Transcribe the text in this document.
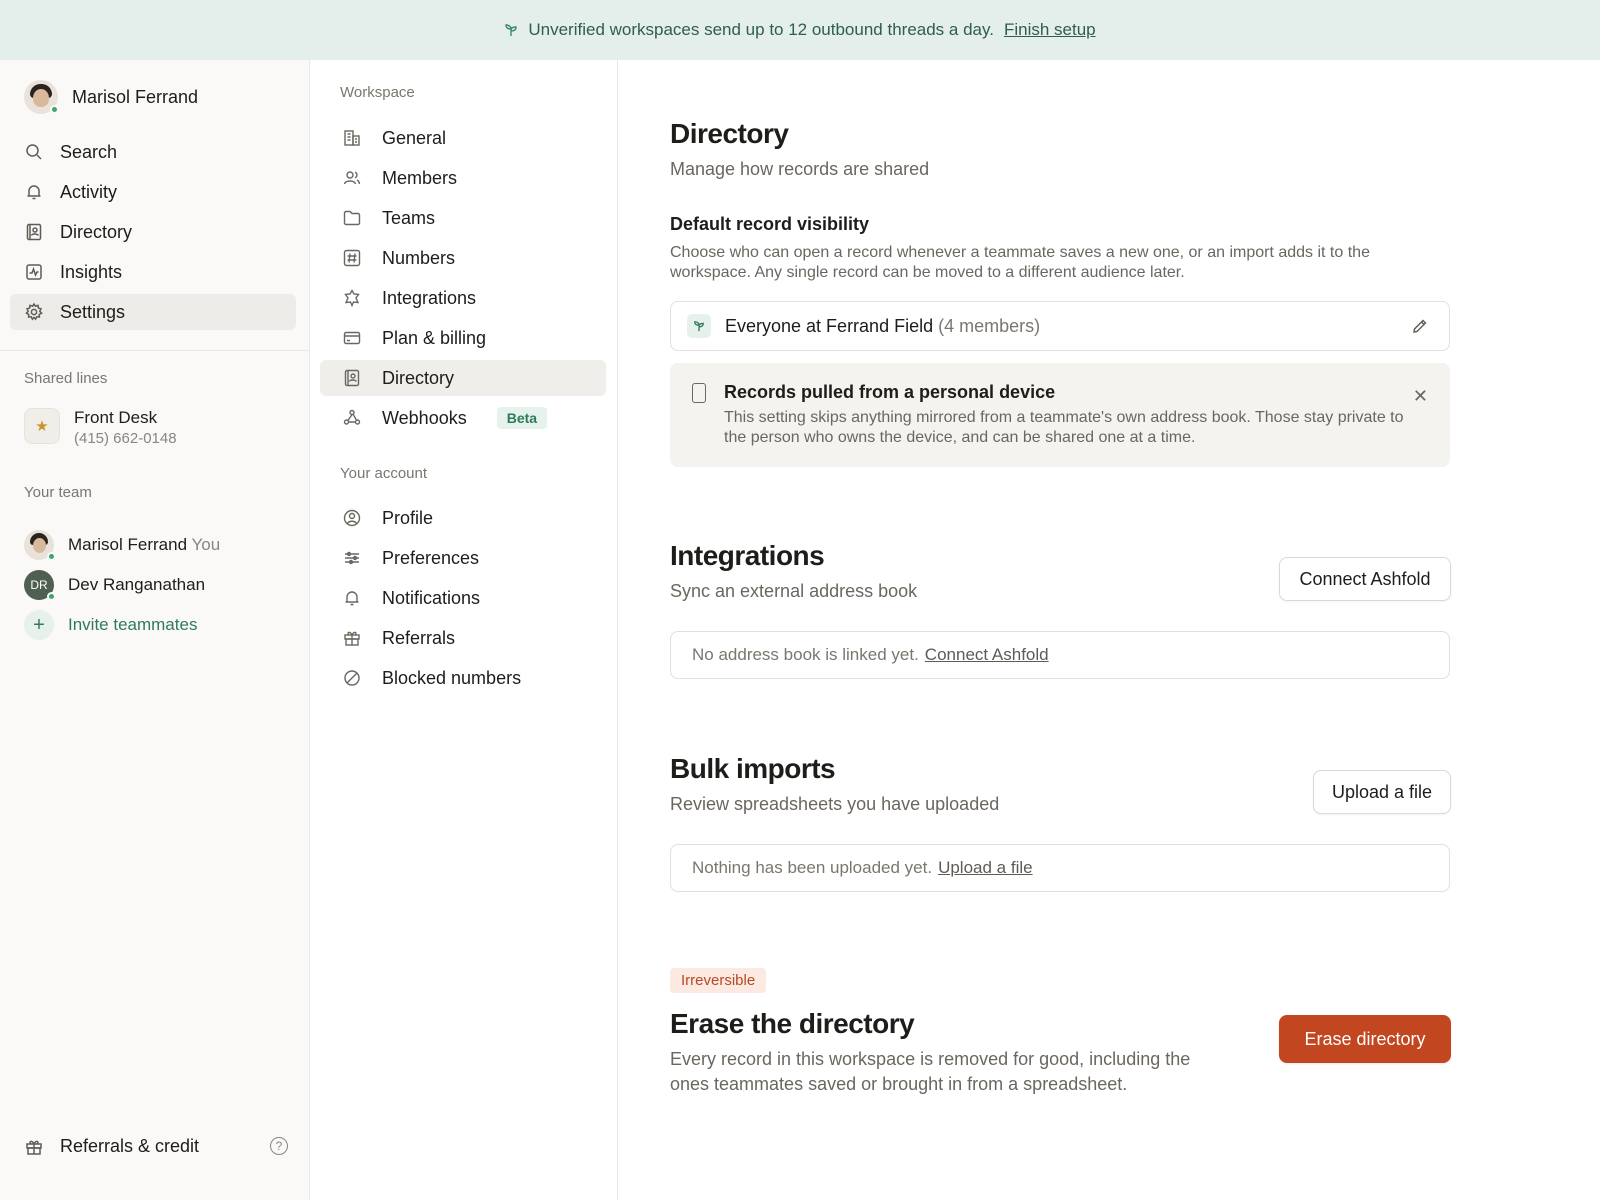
Unverified workspaces send up to 12 outbound threads a day. Finish setup
Marisol Ferrand
Search
Activity
Directory
Insights
Settings
Shared lines
★	Front Desk
(415) 662-0148
Your team
Marisol Ferrand You
DR Dev Ranganathan
+	Invite teammates
Referrals & credit	?
Workspace
General
Members
Teams
Numbers
Integrations
Plan & billing
Directory
Webhooks	Beta
Your account
Profile
Preferences
Notifications
Referrals
Blocked numbers
Directory
Manage how records are shared
Default record visibility
Choose who can open a record whenever a teammate saves a new one, or an import adds it to the workspace. Any single record can be moved to a different audience later.
Everyone at Ferrand Field (4 members)
Records pulled from a personal device
This setting skips anything mirrored from a teammate's own address book. Those stay private to the person who owns the device, and can be shared one at a time.
✕
Integrations
Sync an external address book
Connect Ashfold
No address book is linked yet. Connect Ashfold
Bulk imports
Review spreadsheets you have uploaded
Upload a file
Nothing has been uploaded yet. Upload a file
Irreversible
Erase the directory
Every record in this workspace is removed for good, including the ones teammates saved or brought in from a spreadsheet.
Erase directory
